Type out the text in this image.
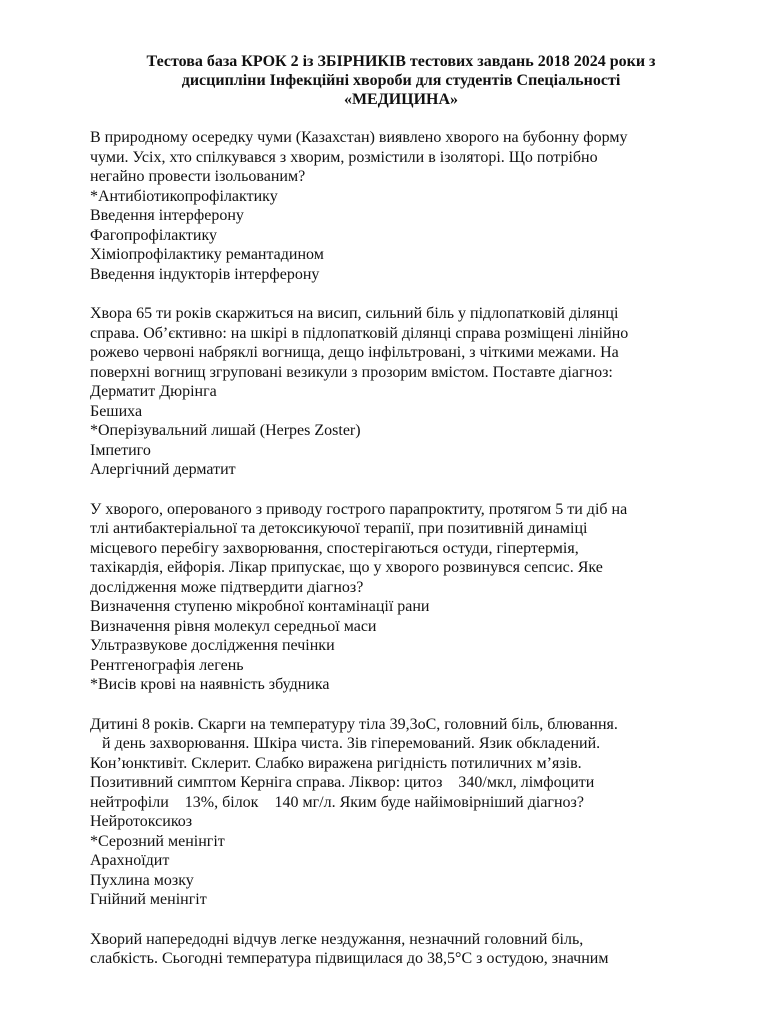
Тестова база КРОК 2 із ЗБІРНИКІВ тестових завдань 2018 2024 роки з
дисципліни Інфекційні хвороби для студентів Спеціальності
«МЕДИЦИНА»
В природному осередку чуми (Казахстан) виявлено хворого на бубонну форму
чуми. Усіх, хто спілкувався з хворим, розмістили в ізоляторі. Що потрібно
негайно провести ізольованим?
*Антибіотикопрофілактику
Введення інтерферону
Фагопрофілактику
Хіміопрофілактику ремантадином
Введення індукторів інтерферону
Хвора 65 ти років скаржиться на висип, сильний біль у підлопатковій ділянці
справа. Об’єктивно: на шкірі в підлопатковій ділянці справа розміщені лінійно
рожево червоні набряклі вогнища, дещо інфільтровані, з чіткими межами. На
поверхні вогнищ згруповані везикули з прозорим вмістом. Поставте діагноз:
Дерматит Дюрінга
Бешиха
*Оперізувальний лишай (Herpes Zoster)
Імпетиго
Алергічний дерматит
У хворого, оперованого з приводу гострого парапроктиту, протягом 5 ти діб на
тлі антибактеріальної та детоксикуючої терапії, при позитивній динаміці
місцевого перебігу захворювання, спостерігаються остуди, гіпертермія,
тахікардія, ейфорія. Лікар припускає, що у хворого розвинувся сепсис. Яке
дослідження може підтвердити діагноз?
Визначення ступеню мікробної контамінації рани
Визначення рівня молекул середньої маси
Ультразвукове дослідження печінки
Рентгенографія легень
*Висів крові на наявність збудника
Дитині 8 років. Скарги на температуру тіла 39,3оС, головний біль, блювання.
й день захворювання. Шкіра чиста. Зів гіперемований. Язик обкладений.
Кон’юнктивіт. Склерит. Слабко виражена ригідність потиличних м’язів.
Позитивний симптом Керніга справа. Ліквор: цитоз    340/мкл, лімфоцити
нейтрофіли    13%, білок    140 мг/л. Яким буде найімовірніший діагноз?
Нейротоксикоз
*Серозний менінгіт
Арахноїдит
Пухлина мозку
Гнійний менінгіт
Хворий напередодні відчув легке нездужання, незначний головний біль,
слабкість. Сьогодні температура підвищилася до 38,5°С з остудою, значним
